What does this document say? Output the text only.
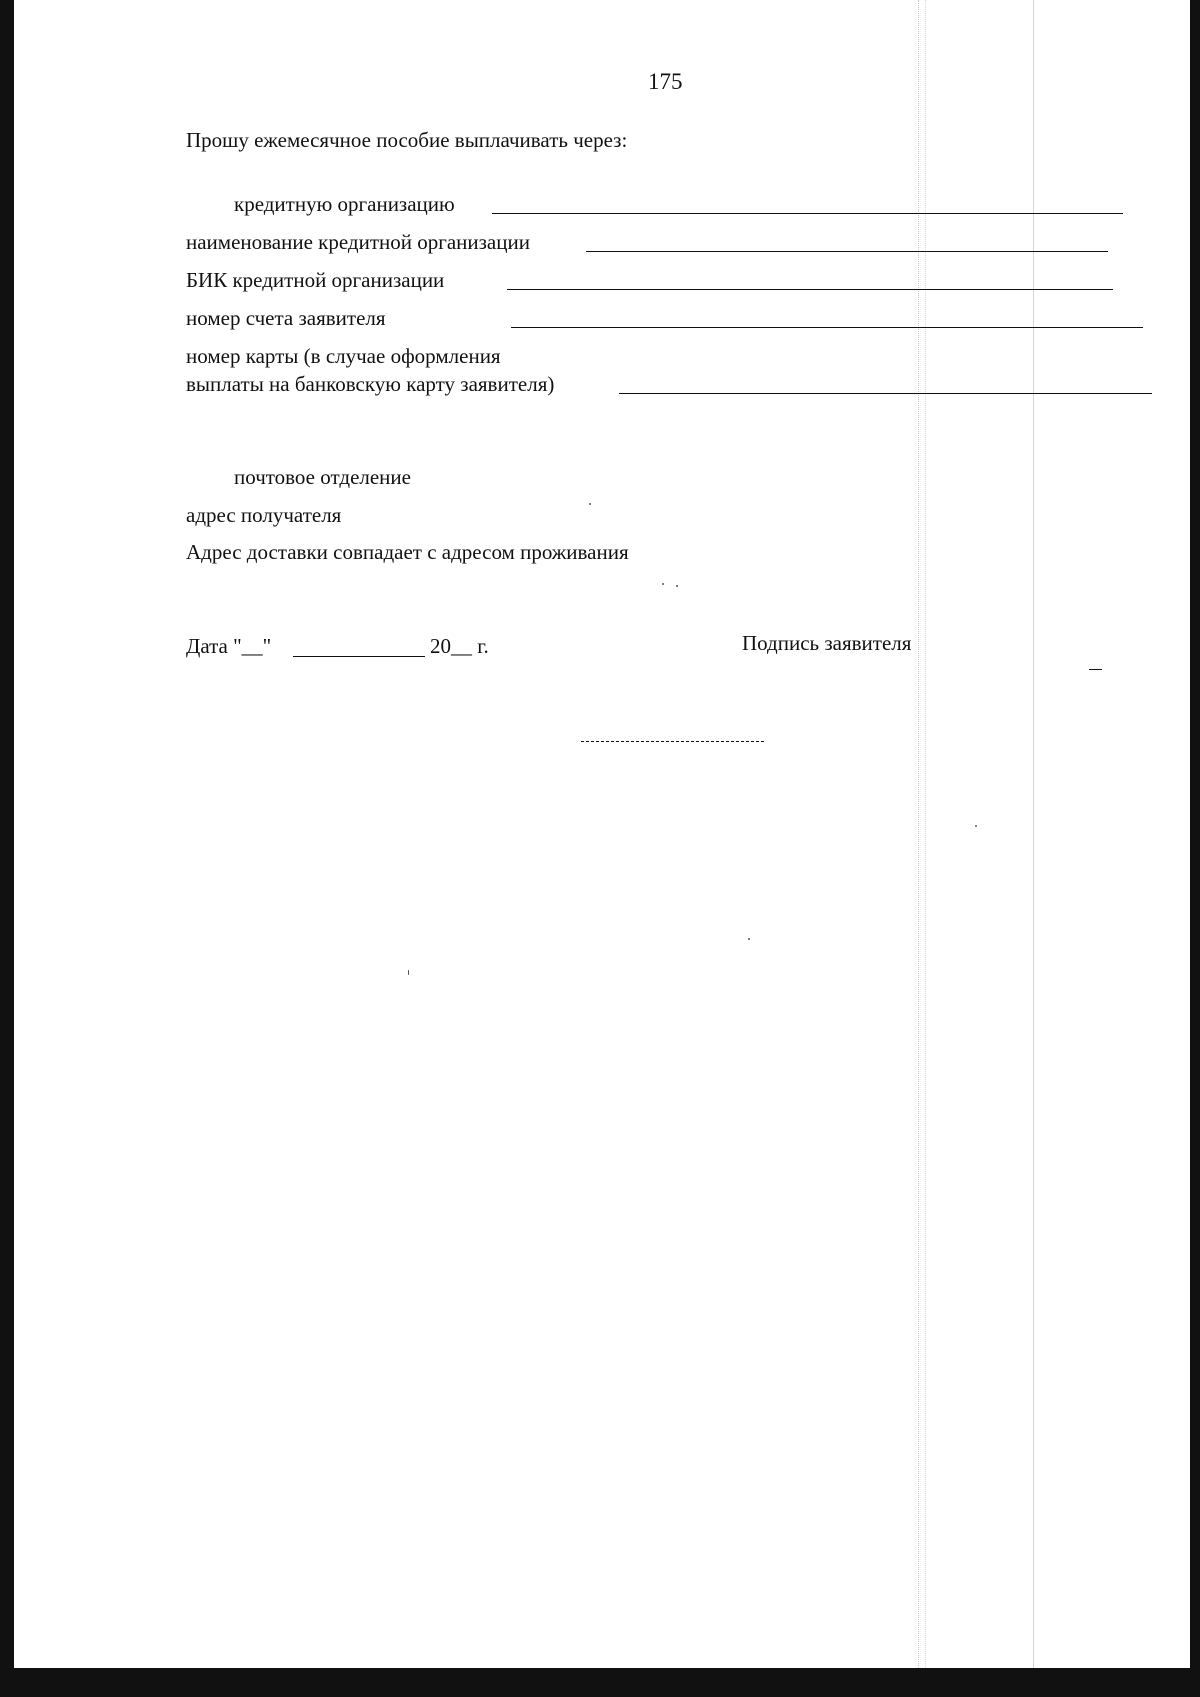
175
Прошу ежемесячное пособие выплачивать через:
кредитную организацию
наименование кредитной организации
БИК кредитной организации
номер счета заявителя
номер карты (в случае оформления
выплаты на банковскую карту заявителя)
почтовое отделение
адрес получателя
Адрес доставки совпадает с адресом проживания
Дата "__"	20__ г.	Подпись заявителя
